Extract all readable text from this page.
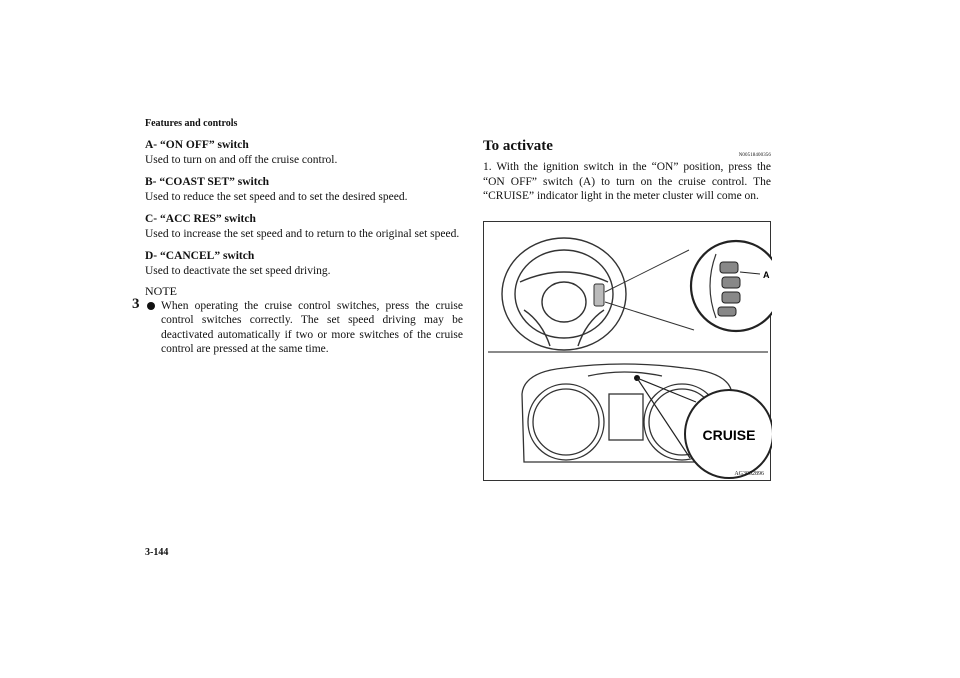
Features and controls
3
3-144
A- “ON OFF” switch
Used to turn on and off the cruise control.
B- “COAST SET” switch
Used to reduce the set speed and to set the desired speed.
C- “ACC RES” switch
Used to increase the set speed and to return to the original set speed.
D- “CANCEL” switch
Used to deactivate the set speed driving.
NOTE
When operating the cruise control switches, press the cruise control switches correctly. The set speed driving may be deactivated automatically if two or more switches of the cruise control are pressed at the same time.
To activate
N00518400356
1. With the ignition switch in the “ON” position, press the “ON OFF” switch (A) to turn on the cruise control. The “CRUISE” indicator light in the meter cluster will come on.
A
CRUISE
AG3002896
